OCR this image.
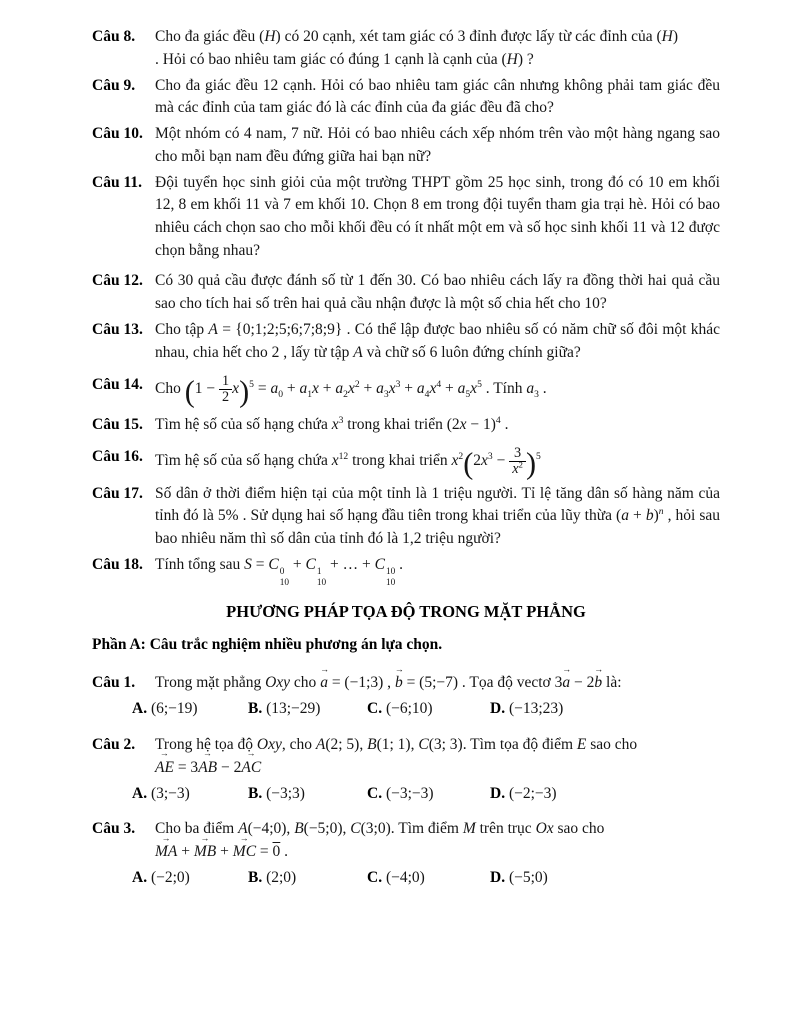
Câu 8.	Cho đa giác đều (H) có 20 cạnh, xét tam giác có 3 đỉnh được lấy từ các đỉnh của (H)
. Hỏi có bao nhiêu tam giác có đúng 1 cạnh là cạnh của (H) ?
Câu 9.	Cho đa giác đều 12 cạnh. Hỏi có bao nhiêu tam giác cân nhưng không phải tam giác đều mà các đỉnh của tam giác đó là các đỉnh của đa giác đều đã cho?
Câu 10. Một nhóm có 4 nam, 7 nữ. Hỏi có bao nhiêu cách xếp nhóm trên vào một hàng ngang sao cho mỗi bạn nam đều đứng giữa hai bạn nữ?
Câu 11. Đội tuyển học sinh giỏi của một trường THPT gồm 25 học sinh, trong đó có 10 em khối 12, 8 em khối 11 và 7 em khối 10. Chọn 8 em trong đội tuyển tham gia trại hè. Hỏi có bao nhiêu cách chọn sao cho mỗi khối đều có ít nhất một em và số học sinh khối 11 và 12 được chọn bằng nhau?
Câu 12. Có 30 quả cầu được đánh số từ 1 đến 30. Có bao nhiêu cách lấy ra đồng thời hai quả cầu sao cho tích hai số trên hai quả cầu nhận được là một số chia hết cho 10?
Câu 13. Cho tập A = {0;1;2;5;6;7;8;9} . Có thể lập được bao nhiêu số có năm chữ số đôi một khác nhau, chia hết cho 2 , lấy từ tập A và chữ số 6 luôn đứng chính giữa?
Câu 14. Cho $(1 - \frac{1}{2} x)^5 = a_0 + a_1x + a_2x^2 + a_3x^3 + a_4x^4 + a_5x^5$ . Tính $a_3$ .
Câu 15. Tìm hệ số của số hạng chứa $x^3$ trong khai triển $(2x - 1)^4$ .
Câu 16. Tìm hệ số của số hạng chứa $x^{12}$ trong khai triển $x^2(2x^3 - \frac{3}{x^2} )^5$
Câu 17. Số dân ở thời điểm hiện tại của một tỉnh là 1 triệu người. Tỉ lệ tăng dân số hàng năm của tỉnh đó là 5% . Sử dụng hai số hạng đầu tiên trong khai triển của lũy thừa $(a + b)^n$ , hỏi sau bao nhiêu năm thì số dân của tỉnh đó là 1,2 triệu người?
Câu 18. Tính tổng sau S = C 0
10
+ C 1
10
+ … + C 10
10
.
PHƯƠNG PHÁP TỌA ĐỘ TRONG MẶT PHẲNG
Phần A: Câu trắc nghiệm nhiều phương án lựa chọn.
Câu 1.	Trong mặt phẳng Oxy cho a → = (−1;3) , b → = (5;−7) . Tọa độ vectơ 3a → − 2b → là:
A. (6;−19)	B. (13;−29)	C. (−6;10)	D. (−13;23)
Câu 2.	Trong hệ tọa độ Oxy, cho A(2; 5), B(1; 1), C(3; 3). Tìm tọa độ điểm E sao cho
AE → = 3AB → − 2AC →
A. (3;−3)	B. (−3;3)	C. (−3;−3)	D. (−2;−3)
Câu 3.	Cho ba điểm A(−4;0), B(−5;0), C(3;0). Tìm điểm M trên trục Ox sao cho
MA → + MB → + MC → = 0 .
A. (−2;0)	B. (2;0)	C. (−4;0)	D. (−5;0)
